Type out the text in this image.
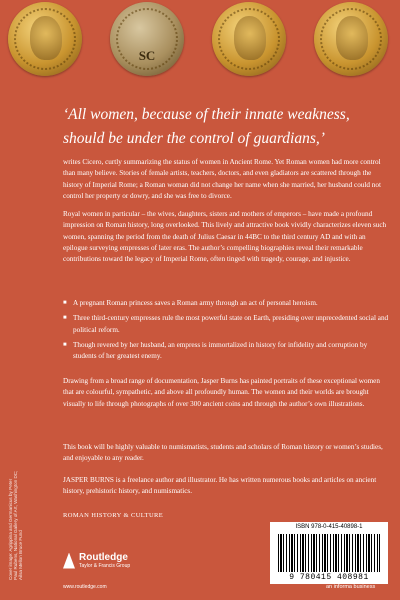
SC
‘All women, because of their innate weakness, should be under the control of guardians,’
writes Cicero, curtly summarizing the status of women in Ancient Rome. Yet Roman women had more control than many believe. Stories of female artists, teachers, doctors, and even gladiators are scattered through the history of Imperial Rome; a Roman woman did not change her name when she married, her husband could not control her property or dowry, and she was free to divorce.
Royal women in particular – the wives, daughters, sisters and mothers of emperors – have made a profound impression on Roman history, long overlooked. This lively and attractive book vividly characterizes eleven such women, spanning the period from the death of Julius Caesar in 44BC to the third century AD and with an epilogue surveying empresses of later eras. The author’s compelling biographies reveal their remarkable contributions toward the legacy of Imperial Rome, often tinged with tragedy, courage, and injustice.
■ A pregnant Roman princess saves a Roman army through an act of personal heroism.
■ Three third-century empresses rule the most powerful state on Earth, presiding over unprecedented social and political reform.
■ Though revered by her husband, an empress is immortalized in history for infidelity and corruption by students of her greatest enemy.
Drawing from a broad range of documentation, Jasper Burns has painted portraits of these exceptional women that are colourful, sympathetic, and above all profoundly human. The women and their worlds are brought visually to life through photographs of over 300 ancient coins and through the author’s own illustrations.
This book will be highly valuable to numismatists, students and scholars of Roman history or women’s studies, and enjoyable to any reader.
JASPER BURNS is a freelance author and illustrator. He has written numerous books and articles on ancient history, prehistoric history, and numismatics.
ROMAN HISTORY & CULTURE
Cover image: Agrippina and Germanicus by Peter Paul Rubens, National Gallery of Art, Washington DC; Ailsa Mellon Bruce Fund
ISBN 978-0-415-40898-1
9 780415 408981
Routledge
Taylor & Francis Group
www.routledge.com	an informa business
